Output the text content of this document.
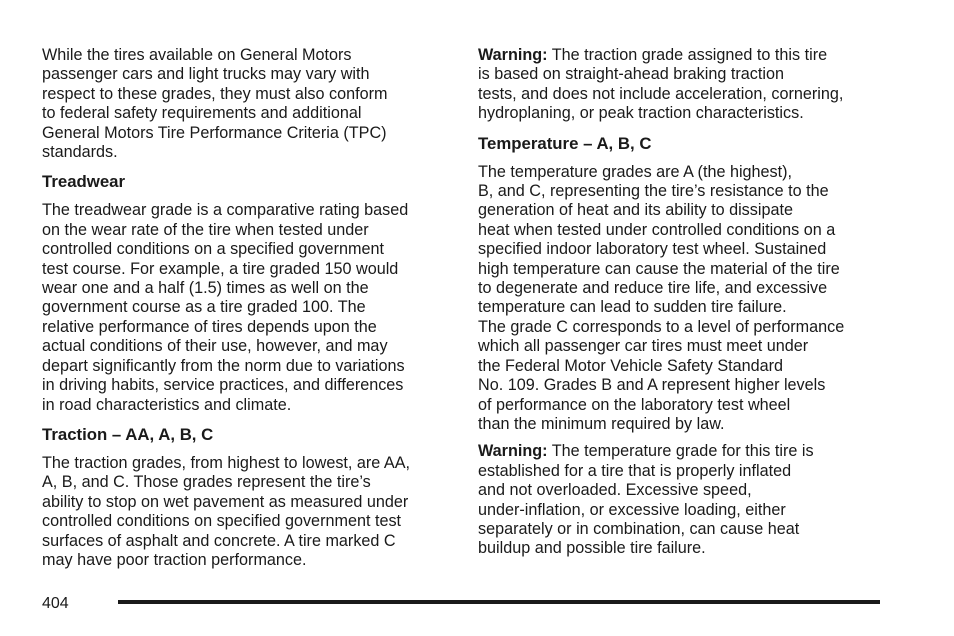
While the tires available on General Motors
passenger cars and light trucks may vary with
respect to these grades, they must also conform
to federal safety requirements and additional
General Motors Tire Performance Criteria (TPC)
standards.

Treadwear

The treadwear grade is a comparative rating based
on the wear rate of the tire when tested under
controlled conditions on a specified government
test course. For example, a tire graded 150 would
wear one and a half (1.5) times as well on the
government course as a tire graded 100. The
relative performance of tires depends upon the
actual conditions of their use, however, and may
depart significantly from the norm due to variations
in driving habits, service practices, and differences
in road characteristics and climate.

Traction – AA, A, B, C

The traction grades, from highest to lowest, are AA,
A, B, and C. Those grades represent the tire’s
ability to stop on wet pavement as measured under
controlled conditions on specified government test
surfaces of asphalt and concrete. A tire marked C
may have poor traction performance.

Warning: The traction grade assigned to this tire
is based on straight-ahead braking traction
tests, and does not include acceleration, cornering,
hydroplaning, or peak traction characteristics.

Temperature – A, B, C

The temperature grades are A (the highest),
B, and C, representing the tire’s resistance to the
generation of heat and its ability to dissipate
heat when tested under controlled conditions on a
specified indoor laboratory test wheel. Sustained
high temperature can cause the material of the tire
to degenerate and reduce tire life, and excessive
temperature can lead to sudden tire failure.

The grade C corresponds to a level of performance
which all passenger car tires must meet under
the Federal Motor Vehicle Safety Standard
No. 109. Grades B and A represent higher levels
of performance on the laboratory test wheel
than the minimum required by law.

Warning: The temperature grade for this tire is
established for a tire that is properly inflated
and not overloaded. Excessive speed,
under-inflation, or excessive loading, either
separately or in combination, can cause heat
buildup and possible tire failure.

404
